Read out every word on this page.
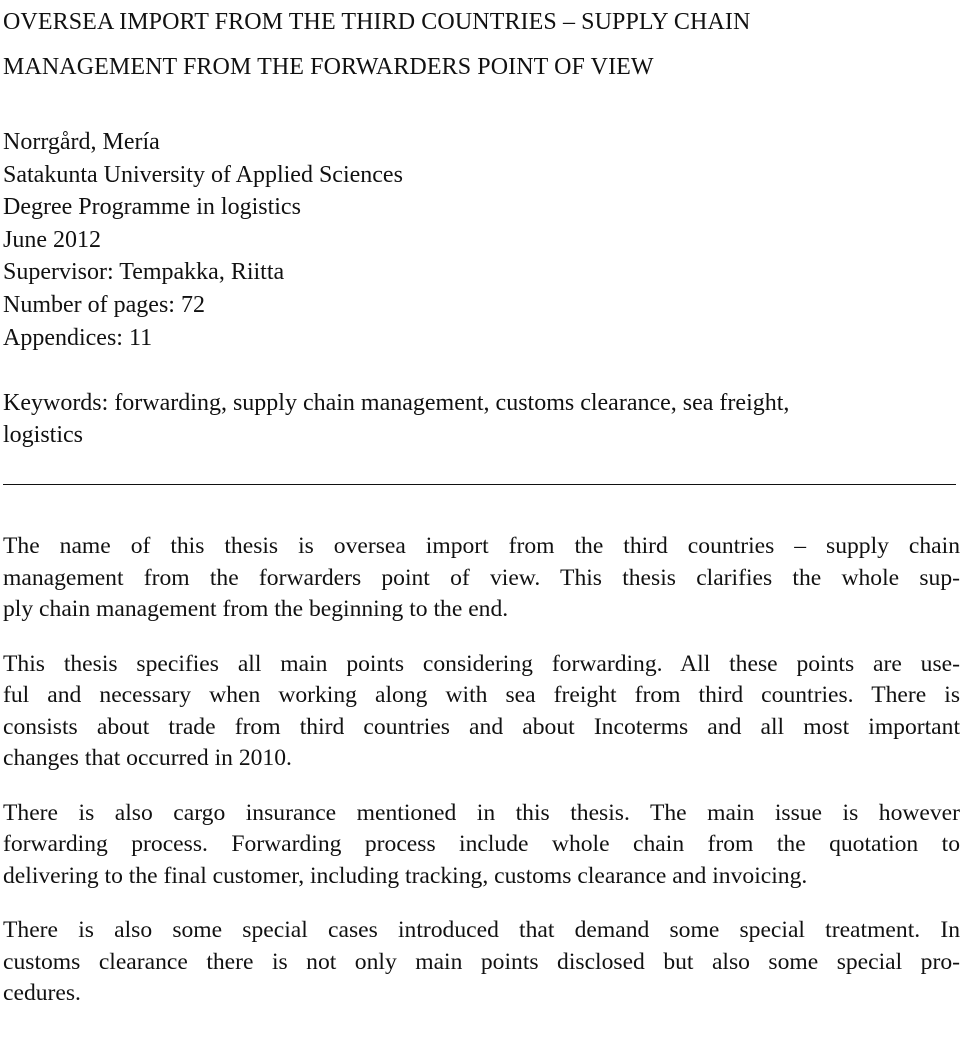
OVERSEA IMPORT FROM THE THIRD COUNTRIES – SUPPLY CHAIN
MANAGEMENT FROM THE FORWARDERS POINT OF VIEW
Norrgård, Mería
Satakunta University of Applied Sciences
Degree Programme in logistics
June 2012
Supervisor: Tempakka, Riitta
Number of pages: 72
Appendices: 11

Keywords: forwarding, supply chain management, customs clearance, sea freight,
logistics

The name of this thesis is oversea import from the third countries – supply chain
management from the forwarders point of view. This thesis clarifies the whole sup-
ply chain management from the beginning to the end.

This thesis specifies all main points considering forwarding. All these points are use-
ful and necessary when working along with sea freight from third countries. There is
consists about trade from third countries and about Incoterms and all most important
changes that occurred in 2010.

There is also cargo insurance mentioned in this thesis. The main issue is however
forwarding process. Forwarding process include whole chain from the quotation to
delivering to the final customer, including tracking, customs clearance and invoicing.

There is also some special cases introduced that demand some special treatment. In
customs clearance there is not only main points disclosed but also some special pro-
cedures.
